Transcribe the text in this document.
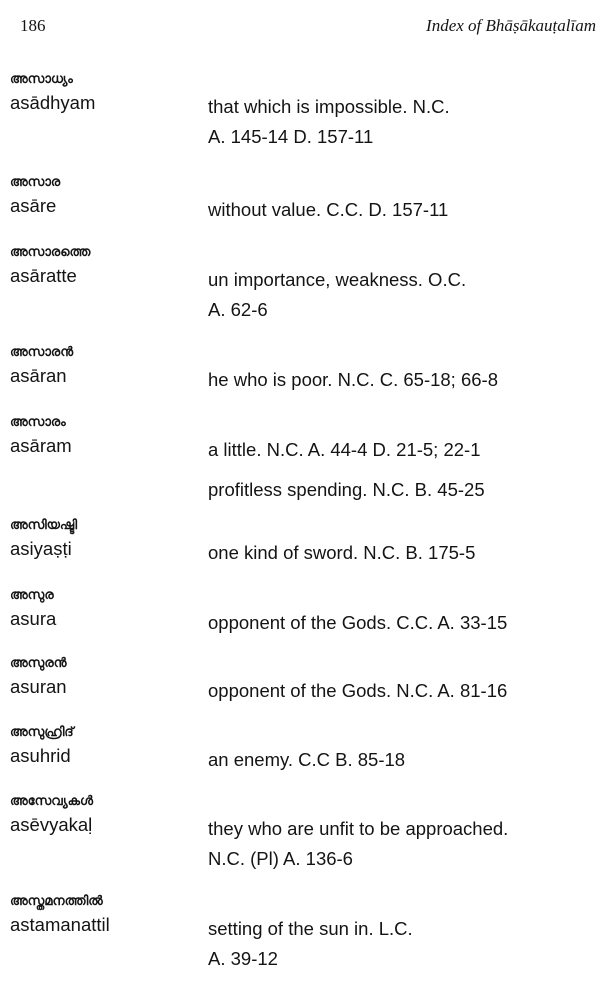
186	Index of Bhāṣākauṭalīam
അസാധ്യം
asādhyam	that which is impossible. N.C.
A. 145-14 D. 157-11
അസാര
asāre	without value. C.C. D. 157-11
അസാരത്തെ
asāratte	un importance, weakness. O.C.
A. 62-6
അസാരൻ
asāran	he who is poor. N.C. C. 65-18; 66-8
അസാരം
asāram	a little. N.C. A. 44-4 D. 21-5; 22-1
profitless spending. N.C. B. 45-25
അസിയഷ്ടി
asiyaṣṭi	one kind of sword. N.C. B. 175-5
അസുര
asura	opponent of the Gods. C.C. A. 33-15
അസുരൻ
asuran	opponent of the Gods. N.C. A. 81-16
അസുഹ്രിദ്
asuhrid	an enemy. C.C B. 85-18
അസേവ്യകൾ
asēvyakaḷ	they who are unfit to be approached.
N.C. (Pl) A. 136-6
അസ്തമനത്തിൽ
astamanattil	setting of the sun in. L.C.
A. 39-12
